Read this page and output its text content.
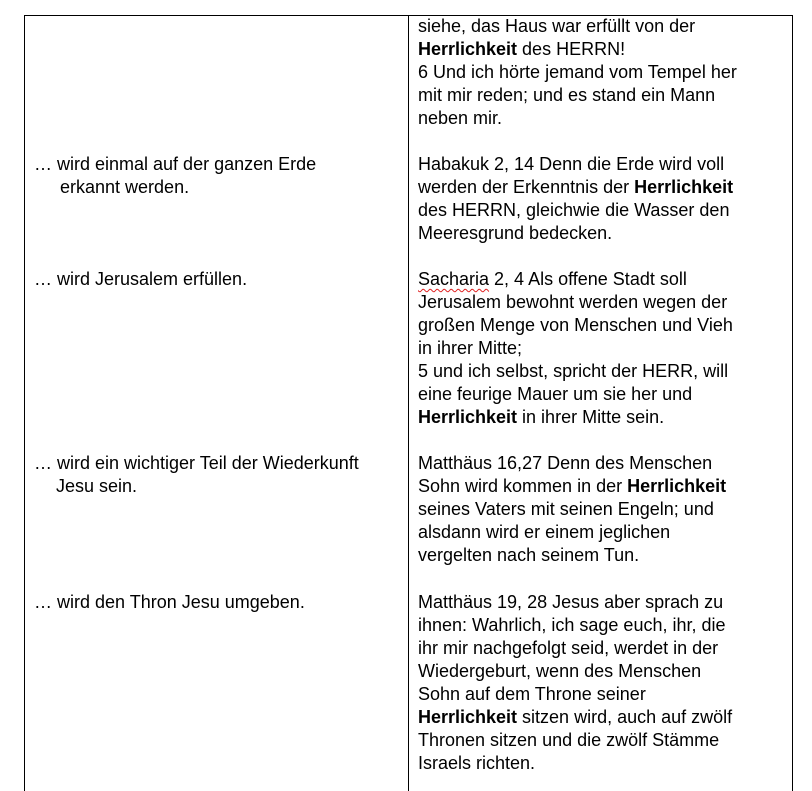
siehe, das Haus war erfüllt von der
Herrlichkeit des HERRN!
6 Und ich hörte jemand vom Tempel her
mit mir reden; und es stand ein Mann
neben mir.
… wird einmal auf der ganzen Erde
erkannt werden.
Habakuk 2, 14 Denn die Erde wird voll
werden der Erkenntnis der Herrlichkeit
des HERRN, gleichwie die Wasser den
Meeresgrund bedecken.
… wird Jerusalem erfüllen.	Sacharia 2, 4 Als offene Stadt soll
Jerusalem bewohnt werden wegen der
großen Menge von Menschen und Vieh
in ihrer Mitte;
5 und ich selbst, spricht der HERR, will
eine feurige Mauer um sie her und
Herrlichkeit in ihrer Mitte sein.
… wird ein wichtiger Teil der Wiederkunft
Jesu sein.
Matthäus 16,27 Denn des Menschen
Sohn wird kommen in der Herrlichkeit
seines Vaters mit seinen Engeln; und
alsdann wird er einem jeglichen
vergelten nach seinem Tun.
… wird den Thron Jesu umgeben.	Matthäus 19, 28 Jesus aber sprach zu
ihnen: Wahrlich, ich sage euch, ihr, die
ihr mir nachgefolgt seid, werdet in der
Wiedergeburt, wenn des Menschen
Sohn auf dem Throne seiner
Herrlichkeit sitzen wird, auch auf zwölf
Thronen sitzen und die zwölf Stämme
Israels richten.
